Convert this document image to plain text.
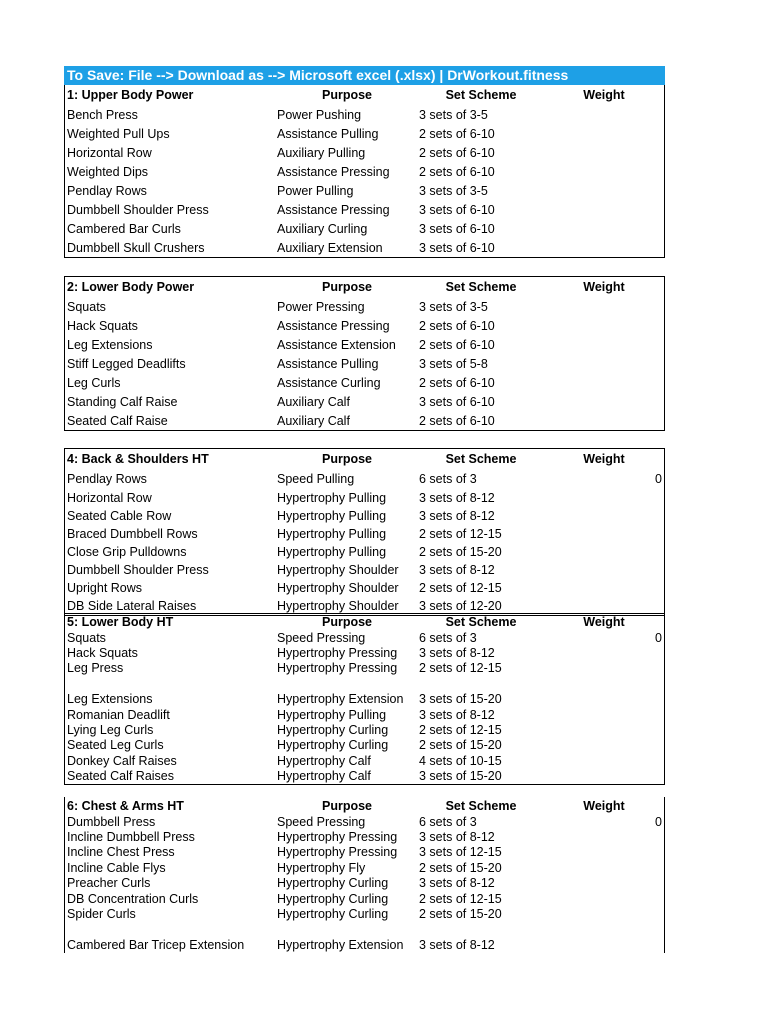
To Save: File --> Download as --> Microsoft excel (.xlsx) | DrWorkout.fitness
1: Upper Body Power	Purpose	Set Scheme	Weight
Bench Press	Power Pushing	3 sets of 3-5
Weighted Pull Ups	Assistance Pulling	2 sets of 6-10
Horizontal Row	Auxiliary Pulling	2 sets of 6-10
Weighted Dips	Assistance Pressing 2 sets of 6-10
Pendlay Rows	Power Pulling	3 sets of 3-5
Dumbbell Shoulder Press	Assistance Pressing 3 sets of 6-10
Cambered Bar Curls	Auxiliary Curling	3 sets of 6-10
Dumbbell Skull Crushers	Auxiliary Extension	3 sets of 6-10
2: Lower Body Power	Purpose	Set Scheme	Weight
Squats	Power Pressing	3 sets of 3-5
Hack Squats	Assistance Pressing 2 sets of 6-10
Leg Extensions	Assistance Extension 2 sets of 6-10
Stiff Legged Deadlifts	Assistance Pulling	3 sets of 5-8
Leg Curls	Assistance Curling	2 sets of 6-10
Standing Calf Raise	Auxiliary Calf	3 sets of 6-10
Seated Calf Raise	Auxiliary Calf	2 sets of 6-10
4: Back & Shoulders HT	Purpose	Set Scheme	Weight
Pendlay Rows	Speed Pulling	6 sets of 3	0
Horizontal Row	Hypertrophy Pulling	3 sets of 8-12
Seated Cable Row	Hypertrophy Pulling	3 sets of 8-12
Braced Dumbbell Rows	Hypertrophy Pulling	2 sets of 12-15
Close Grip Pulldowns	Hypertrophy Pulling	2 sets of 15-20
Dumbbell Shoulder Press	Hypertrophy Shoulder 3 sets of 8-12
Upright Rows	Hypertrophy Shoulder 2 sets of 12-15
DB Side Lateral Raises	Hypertrophy Shoulder 3 sets of 12-20
5: Lower Body HT	Purpose	Set Scheme	Weight
Squats	Speed Pressing	6 sets of 3	0
Hack Squats	Hypertrophy Pressing 3 sets of 8-12
Leg Press	Hypertrophy Pressing 2 sets of 12-15
Leg Extensions	Hypertrophy Extension 3 sets of 15-20
Romanian Deadlift	Hypertrophy Pulling	3 sets of 8-12
Lying Leg Curls	Hypertrophy Curling 2 sets of 12-15
Seated Leg Curls	Hypertrophy Curling 2 sets of 15-20
Donkey Calf Raises	Hypertrophy Calf	4 sets of 10-15
Seated Calf Raises	Hypertrophy Calf	3 sets of 15-20
6: Chest & Arms HT	Purpose	Set Scheme	Weight
Dumbbell Press	Speed Pressing	6 sets of 3	0
Incline Dumbbell Press	Hypertrophy Pressing 3 sets of 8-12
Incline Chest Press	Hypertrophy Pressing 3 sets of 12-15
Incline Cable Flys	Hypertrophy Fly	2 sets of 15-20
Preacher Curls	Hypertrophy Curling 3 sets of 8-12
DB Concentration Curls	Hypertrophy Curling 2 sets of 12-15
Spider Curls	Hypertrophy Curling 2 sets of 15-20
Cambered Bar Tricep Extension	Hypertrophy Extension 3 sets of 8-12
